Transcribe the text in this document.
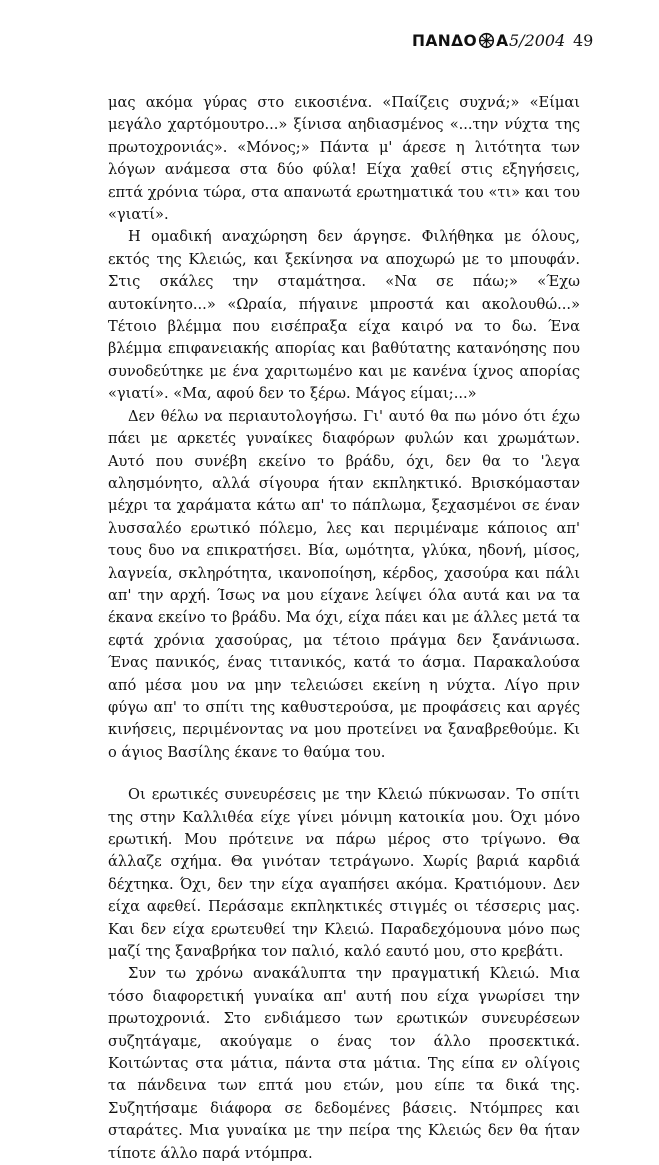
ΠΑΝΔΟ Α 5/2004 49

μας ακόμα γύρας στο εικοσιένα. «Παίζεις συχνά;» «Είμαι μεγάλο χαρτόμουτρο...» ξίνισα αηδιασμένος «...την νύχτα της πρωτοχρονιάς». «Μόνος;» Πάντα μ' άρεσε η λιτότητα των λόγων ανάμεσα στα δύο φύλα! Είχα χαθεί στις εξηγήσεις, επτά χρόνια τώρα, στα απανωτά ερωτηματικά του «τι» και του «γιατί».

Η ομαδική αναχώρηση δεν άργησε. Φιλήθηκα με όλους, εκτός της Κλειώς, και ξεκίνησα να αποχωρώ με το μπουφάν. Στις σκάλες την σταμάτησα. «Να σε πάω;» «Έχω αυτοκίνητο...» «Ωραία, πήγαινε μπροστά και ακολουθώ...» Τέτοιο βλέμμα που εισέπραξα είχα καιρό να το δω. Ένα βλέμμα επιφανειακής απορίας και βαθύτατης κατανόησης που συνοδεύτηκε με ένα χαριτωμένο και με κανένα ίχνος απορίας «γιατί». «Μα, αφού δεν το ξέρω. Μάγος είμαι;...»

Δεν θέλω να περιαυτολογήσω. Γι' αυτό θα πω μόνο ότι έχω πάει με αρκετές γυναίκες διαφόρων φυλών και χρωμάτων. Αυτό που συνέβη εκείνο το βράδυ, όχι, δεν θα το 'λεγα αλησμόνητο, αλλά σίγουρα ήταν εκπληκτικό. Βρισκόμασταν μέχρι τα χαράματα κάτω απ' το πάπλωμα, ξεχασμένοι σε έναν λυσσαλέο ερωτικό πόλεμο, λες και περιμέναμε κάποιος απ' τους δυο να επικρατήσει. Βία, ωμότητα, γλύκα, ηδονή, μίσος, λαγνεία, σκληρότητα, ικανοποίηση, κέρδος, χασούρα και πάλι απ' την αρχή. Ίσως να μου είχανε λείψει όλα αυτά και να τα έκανα εκείνο το βράδυ. Μα όχι, είχα πάει και με άλλες μετά τα εφτά χρόνια χασούρας, μα τέτοιο πράγμα δεν ξανάνιωσα. Ένας πανικός, ένας τιτανικός, κατά το άσμα. Παρακαλούσα από μέσα μου να μην τελειώσει εκείνη η νύχτα. Λίγο πριν φύγω απ' το σπίτι της καθυστερούσα, με προφάσεις και αργές κινήσεις, περιμένοντας να μου προτείνει να ξαναβρεθούμε. Κι ο άγιος Βασίλης έκανε το θαύμα του.

Οι ερωτικές συνευρέσεις με την Κλειώ πύκνωσαν. Το σπίτι της στην Καλλιθέα είχε γίνει μόνιμη κατοικία μου. Όχι μόνο ερωτική. Μου πρότεινε να πάρω μέρος στο τρίγωνο. Θα άλλαζε σχήμα. Θα γινόταν τετράγωνο. Χωρίς βαριά καρδιά δέχτηκα. Όχι, δεν την είχα αγαπήσει ακόμα. Κρατιόμουν. Δεν είχα αφεθεί. Περάσαμε εκπληκτικές στιγμές οι τέσσερις μας. Και δεν είχα ερωτευθεί την Κλειώ. Παραδεχόμουνα μόνο πως μαζί της ξαναβρήκα τον παλιό, καλό εαυτό μου, στο κρεβάτι.

Συν τω χρόνω ανακάλυπτα την πραγματική Κλειώ. Μια τόσο διαφορετική γυναίκα απ' αυτή που είχα γνωρίσει την πρωτοχρονιά. Στο ενδιάμεσο των ερωτικών συνευρέσεων συζητάγαμε, ακούγαμε ο ένας τον άλλο προσεκτικά. Κοιτώντας στα μάτια, πάντα στα μάτια. Της είπα εν ολίγοις τα πάνδεινα των επτά μου ετών, μου είπε τα δικά της. Συζητήσαμε διάφορα σε δεδομένες βάσεις. Ντόμπρες και σταράτες. Μια γυναίκα με την πείρα της Κλειώς δεν θα ήταν τίποτε άλλο παρά ντόμπρα.
